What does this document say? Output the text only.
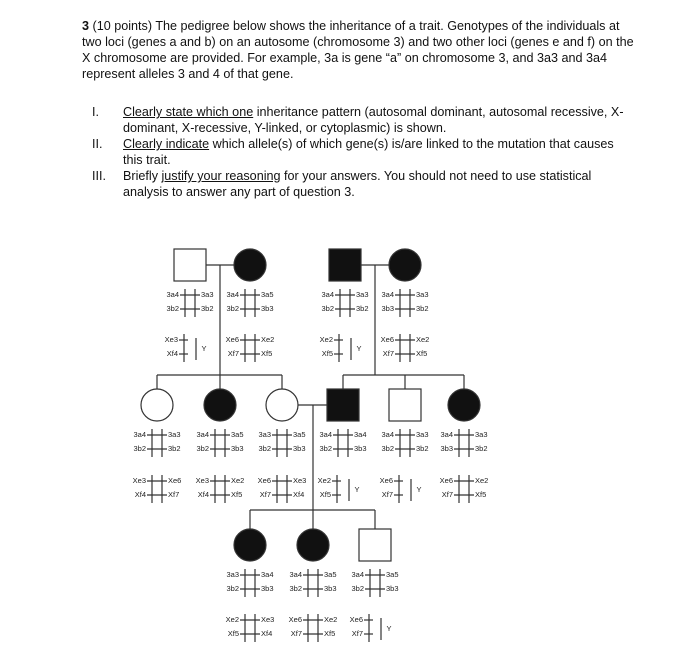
3 (10 points) The pedigree below shows the inheritance of a trait. Genotypes of the individuals at two loci (genes a and b) on an autosome (chromosome 3) and two other loci (genes e and f) on the X chromosome are provided. For example, 3a is gene “a” on chromosome 3, and 3a3 and 3a4 represent alleles 3 and 4 of that gene.
I.	Clearly state which one inheritance pattern (autosomal dominant, autosomal recessive, X-dominant, X-recessive, Y-linked, or cytoplasmic) is shown.
II.	Clearly indicate which allele(s) of which gene(s) is/are linked to the mutation that causes this trait.
III.	Briefly justify your reasoning for your answers. You should not need to use statistical analysis to answer any part of question 3.
3a4	3a3
3b2	3b2
Xe3
Xf4
Y
3a4	3a5
3b2	3b3
Xe6	Xe2
Xf7	Xf5
3a4	3a3
3b2	3b2
Xe2
Xf5
Y
3a4	3a3
3b3	3b2
Xe6	Xe2
Xf7	Xf5
3a4	3a3
3b2	3b2
Xe3	Xe6
Xf4	Xf7
3a4	3a5
3b2	3b3
Xe3	Xe2
Xf4	Xf5
3a3	3a5
3b2	3b3
Xe6	Xe3
Xf7	Xf4
3a4	3a4
3b2	3b3
Xe2
Xf5
Y
3a4	3a3
3b2	3b2
Xe6
Xf7
Y
3a4	3a3
3b3	3b2
Xe6	Xe2
Xf7	Xf5
3a3	3a4
3b2	3b3
Xe2	Xe3
Xf5	Xf4
3a4	3a5
3b2	3b3
Xe6	Xe2
Xf7	Xf5
3a4	3a5
3b2	3b3
Xe6
Xf7
Y
